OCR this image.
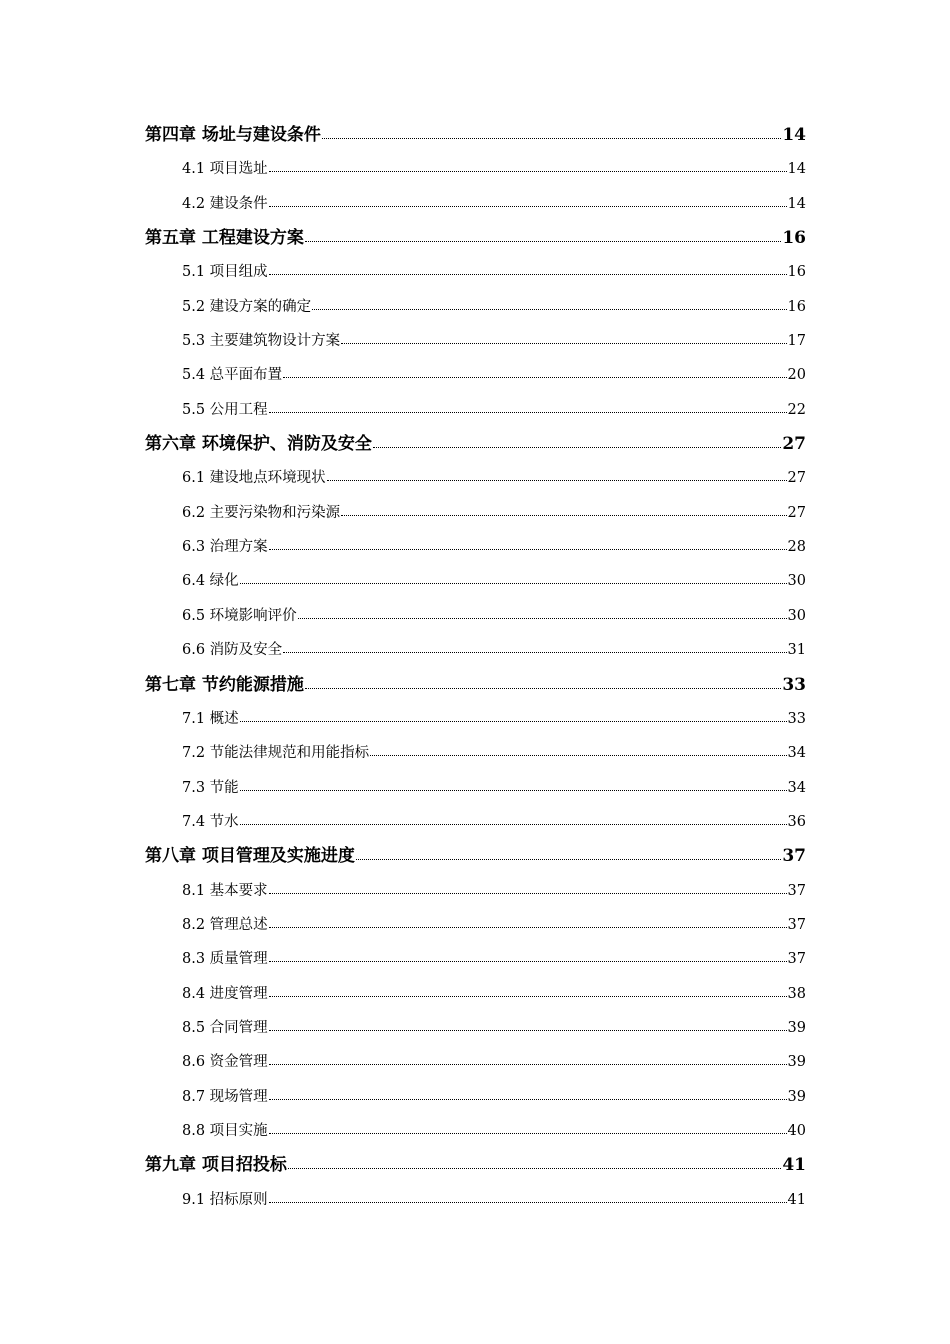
第四章 场址与建设条件	14
4.1 项目选址	14
4.2 建设条件	14
第五章 工程建设方案	16
5.1 项目组成	16
5.2 建设方案的确定	16
5.3 主要建筑物设计方案	17
5.4 总平面布置	20
5.5 公用工程	22
第六章 环境保护、消防及安全	27
6.1 建设地点环境现状	27
6.2 主要污染物和污染源	27
6.3 治理方案	28
6.4 绿化	30
6.5 环境影响评价	30
6.6 消防及安全	31
第七章 节约能源措施	33
7.1 概述	33
7.2 节能法律规范和用能指标	34
7.3 节能	34
7.4 节水	36
第八章 项目管理及实施进度	37
8.1 基本要求	37
8.2 管理总述	37
8.3 质量管理	37
8.4 进度管理	38
8.5 合同管理	39
8.6 资金管理	39
8.7 现场管理	39
8.8 项目实施	40
第九章 项目招投标	41
9.1 招标原则	41
